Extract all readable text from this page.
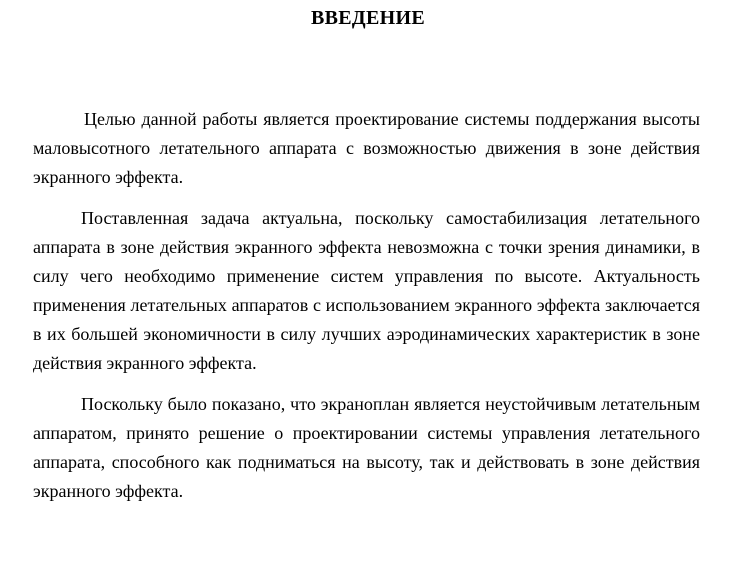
ВВЕДЕНИЕ

Целью данной работы является проектирование системы поддержания высоты маловысотного летательного аппарата с возможностью движения в зоне действия экранного эффекта.

Поставленная задача актуальна, поскольку самостабилизация летательного аппарата в зоне действия экранного эффекта невозможна с точки зрения динамики, в силу чего необходимо применение систем управления по высоте. Актуальность применения летательных аппаратов с использованием экранного эффекта заключается в их большей экономичности в силу лучших аэродинамических характеристик в зоне действия экранного эффекта.

Поскольку было показано, что экраноплан является неустойчивым летательным аппаратом, принято решение о проектировании системы управления летательного аппарата, способного как подниматься на высоту, так и действовать в зоне действия экранного эффекта.
